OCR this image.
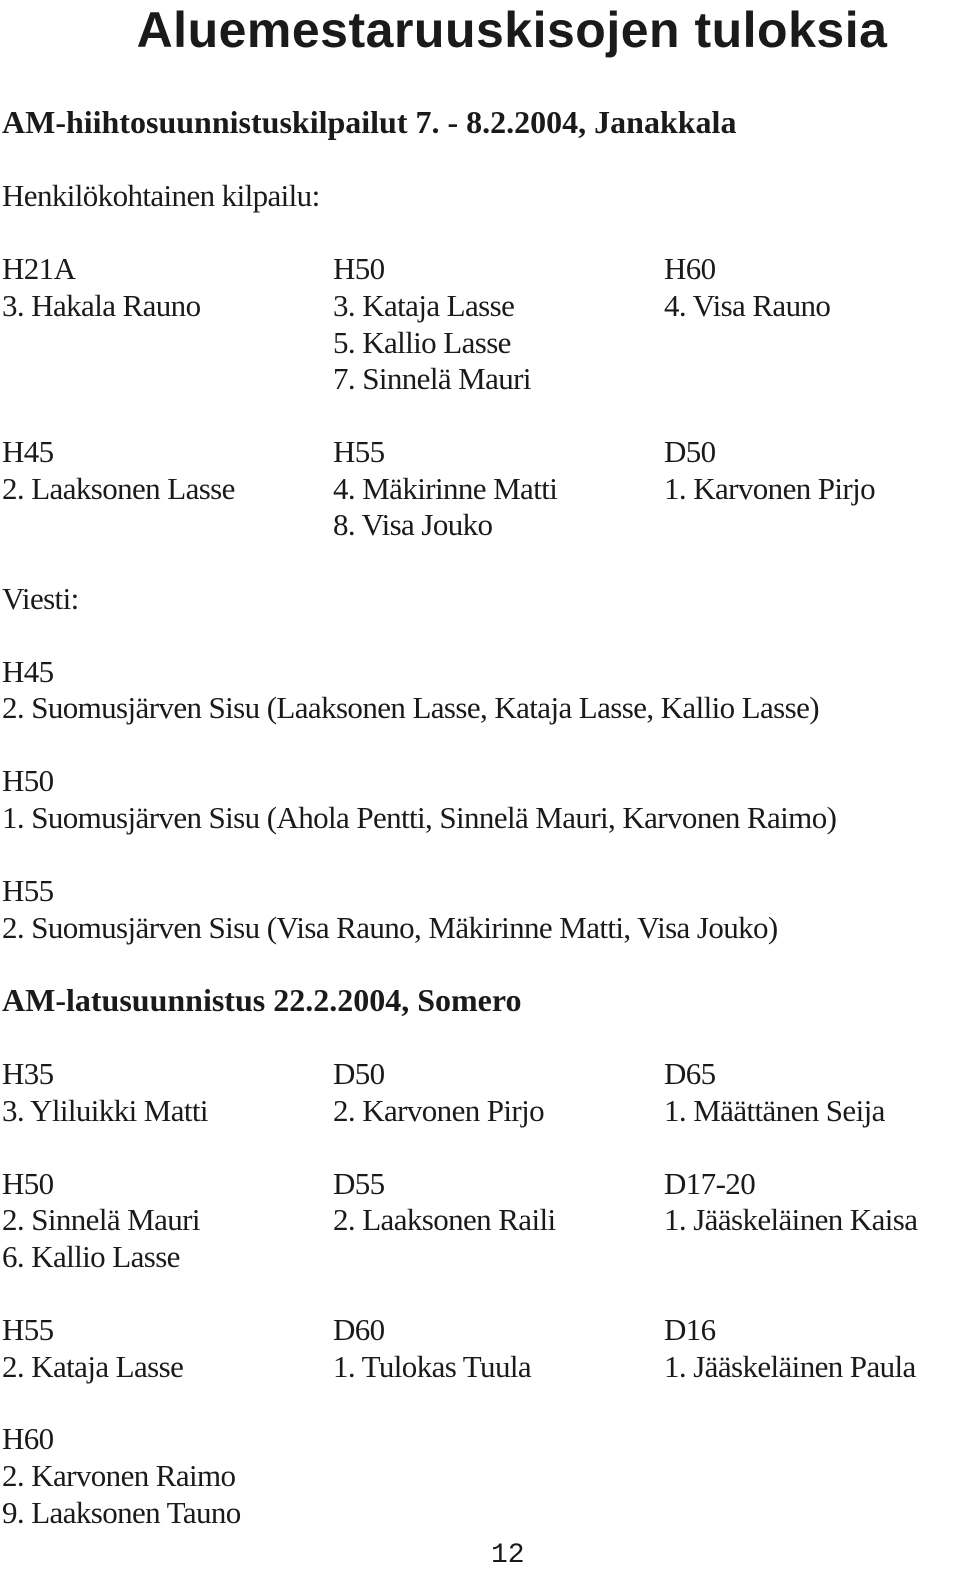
Aluemestaruuskisojen tuloksia
AM-hiihtosuunnistuskilpailut 7. - 8.2.2004, Janakkala
Henkilökohtainen kilpailu:
H21A
3. Hakala Rauno
H50
3. Kataja Lasse
5. Kallio Lasse
7. Sinnelä Mauri
H60
4. Visa Rauno
H45
2. Laaksonen Lasse
H55
4. Mäkirinne Matti
8. Visa Jouko
D50
1. Karvonen Pirjo
Viesti:
H45
2. Suomusjärven Sisu (Laaksonen Lasse, Kataja Lasse, Kallio Lasse)
H50
1. Suomusjärven Sisu (Ahola Pentti, Sinnelä Mauri, Karvonen Raimo)
H55
2. Suomusjärven Sisu (Visa Rauno, Mäkirinne Matti, Visa Jouko)
AM-latusuunnistus 22.2.2004, Somero
H35
3. Yliluikki Matti
D50
2. Karvonen Pirjo
D65
1. Määttänen Seija
H50
2. Sinnelä Mauri
6. Kallio Lasse
D55
2. Laaksonen Raili
D17-20
1. Jääskeläinen Kaisa
H55
2. Kataja Lasse
D60
1. Tulokas Tuula
D16
1. Jääskeläinen Paula
H60
2. Karvonen Raimo
9. Laaksonen Tauno
12
